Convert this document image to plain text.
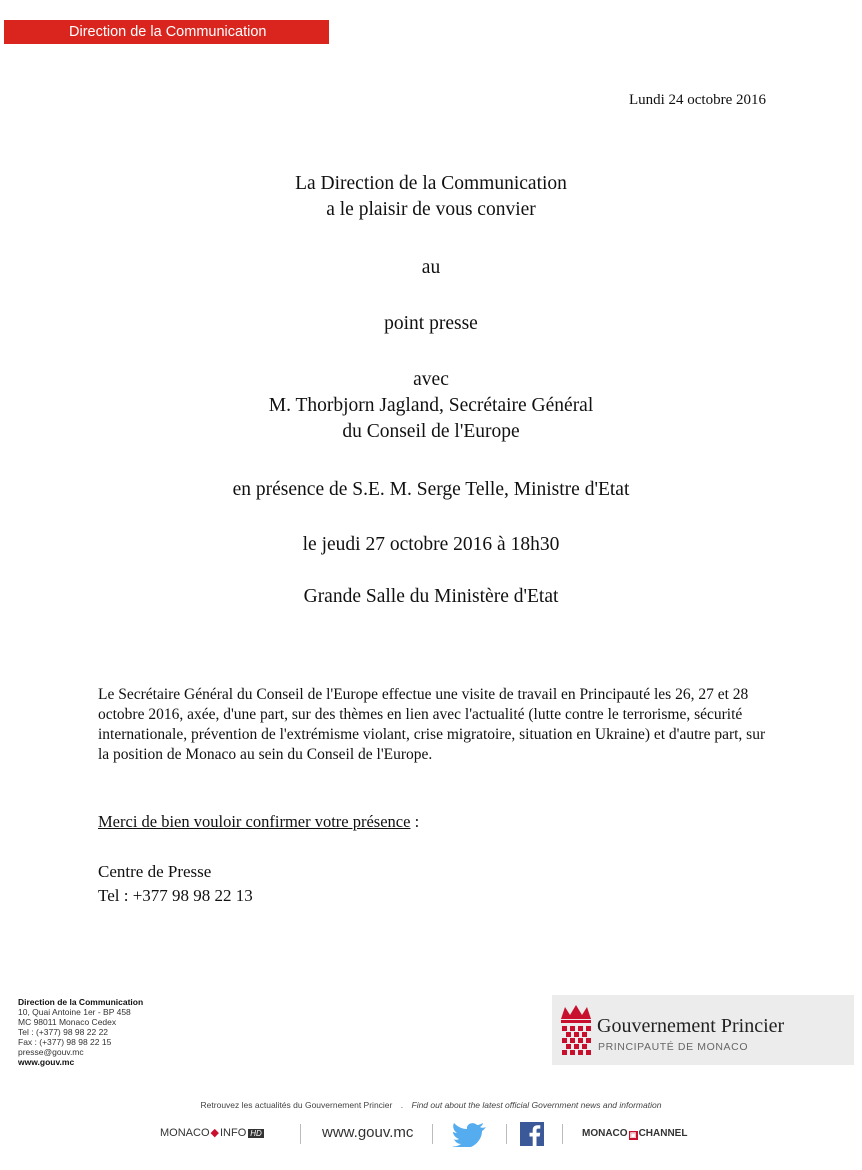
Direction de la Communication
Lundi 24 octobre 2016
La Direction de la Communication
a le plaisir de vous convier
au
point presse
avec
M. Thorbjorn Jagland, Secrétaire Général
du Conseil de l'Europe
en présence de S.E. M. Serge Telle, Ministre d'Etat
le jeudi 27 octobre 2016 à 18h30
Grande Salle du Ministère d'Etat
Le Secrétaire Général du Conseil de l'Europe effectue une visite de travail en Principauté les 26, 27 et 28 octobre 2016, axée, d'une part, sur des thèmes en lien avec l'actualité (lutte contre le terrorisme, sécurité internationale, prévention de l'extrémisme violant, crise migratoire, situation en Ukraine) et d'autre part, sur la position de Monaco au sein du Conseil de l'Europe.
Merci de bien vouloir confirmer votre présence :
Centre de Presse
Tel : +377 98 98 22 13
Direction de la Communication
10, Quai Antoine 1er - BP 458
MC 98011 Monaco Cedex
Tel : (+377) 98 98 22 22
Fax : (+377) 98 98 22 15
presse@gouv.mc
www.gouv.mc
Gouvernement Princier
PRINCIPAUTÉ DE MONACO
Retrouvez les actualités du Gouvernement Princier . Find out about the latest official Government news and information
MONACO◆INFO HD	www.gouv.mc	MONACO ▣ CHANNEL
